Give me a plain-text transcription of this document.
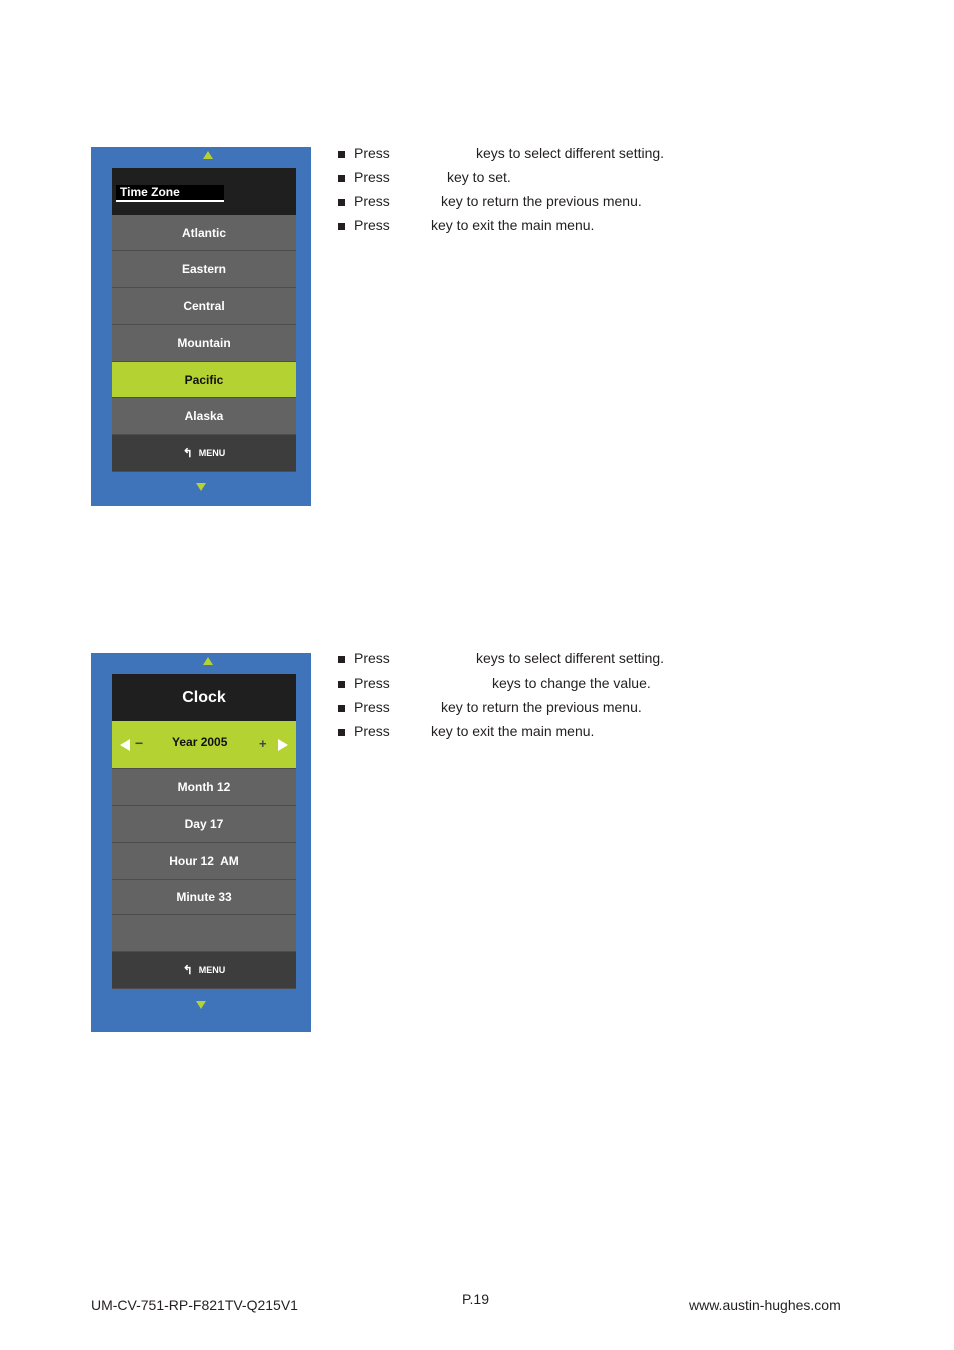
Time Zone
Atlantic
Eastern
Central
Mountain
Pacific
Alaska
↰ MENU
Press	keys to select different setting.
Press	key to set.
Press	key to return the previous menu.
Press	key to exit the main menu.
Clock
− Year 2005 +
Month 12
Day 17
Hour 12  AM
Minute 33
↰ MENU
Press	keys to select different setting.
Press	keys to change the value.
Press	key to return the previous menu.
Press	key to exit the main menu.
UM-CV-751-RP-F821TV-Q215V1	P.19	www.austin-hughes.com
